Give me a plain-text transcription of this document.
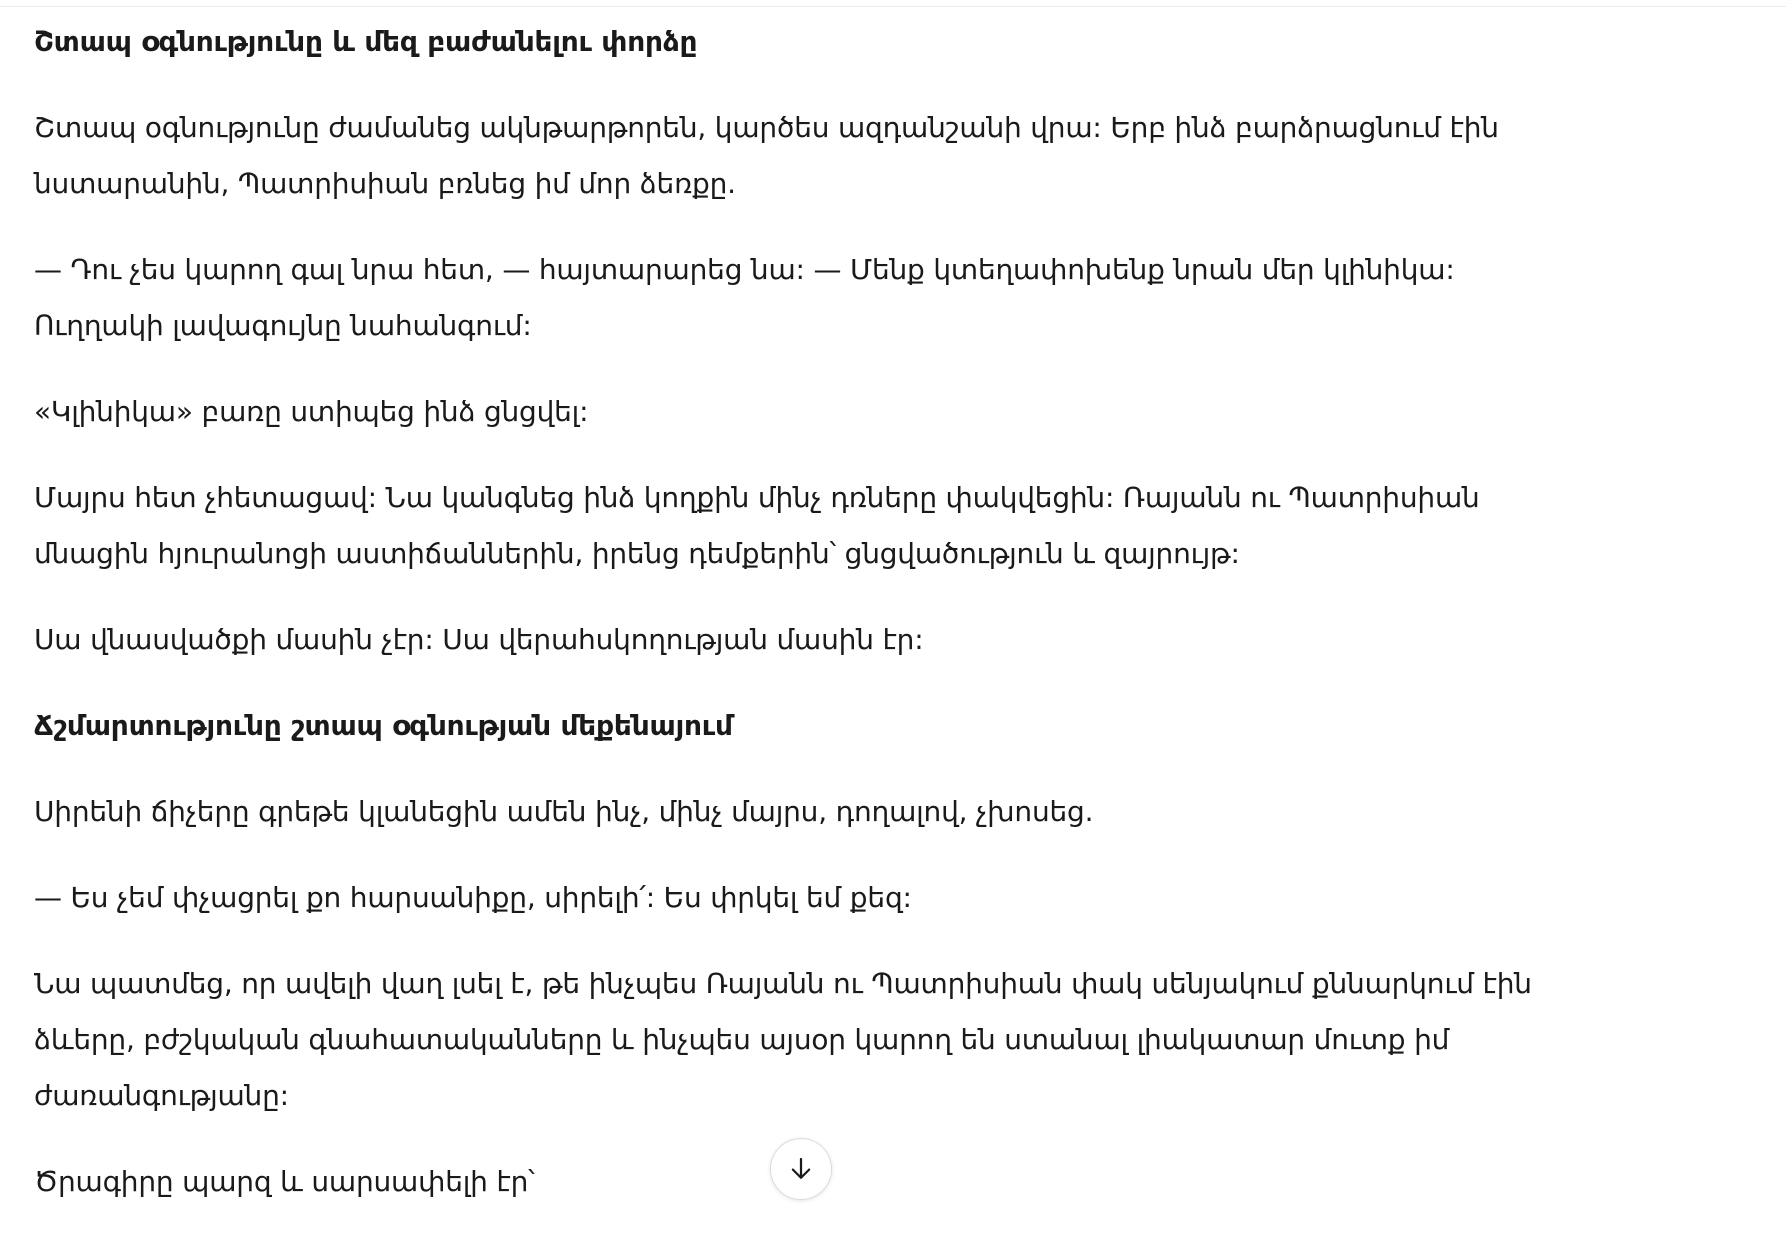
Շտապ օգնությունը և մեզ բաժանելու փորձը

Շտապ օգնությունը ժամանեց ակնթարթորեն, կարծես ազդանշանի վրա: Երբ ինձ բարձրացնում էին նստարանին, Պատրիսիան բռնեց իմ մոր ձեռքը.

— Դու չես կարող գալ նրա հետ, — հայտարարեց նա: — Մենք կտեղափոխենք նրան մեր կլինիկա: Ուղղակի լավագույնը նահանգում:

«Կլինիկա» բառը ստիպեց ինձ ցնցվել:

Մայրս հետ չհետացավ: Նա կանգնեց ինձ կողքին մինչ դռները փակվեցին: Ռայանն ու Պատրիսիան մնացին հյուրանոցի աստիճաններին, իրենց դեմքերին՝ ցնցվածություն և զայրույթ:

Սա վնասվածքի մասին չէր: Սա վերահսկողության մասին էր:

Ճշմարտությունը շտապ օգնության մեքենայում

Սիրենի ճիչերը գրեթե կլանեցին ամեն ինչ, մինչ մայրս, դողալով, չխոսեց.

— Ես չեմ փչացրել քո հարսանիքը, սիրելի՛: Ես փրկել եմ քեզ:

Նա պատմեց, որ ավելի վաղ լսել է, թե ինչպես Ռայանն ու Պատրիսիան փակ սենյակում քննարկում էին ձևերը, բժշկական գնահատականները և ինչպես այսօր կարող են ստանալ լիակատար մուտք իմ ժառանգությանը:

Ծրագիրը պարզ և սարսափելի էր՝
